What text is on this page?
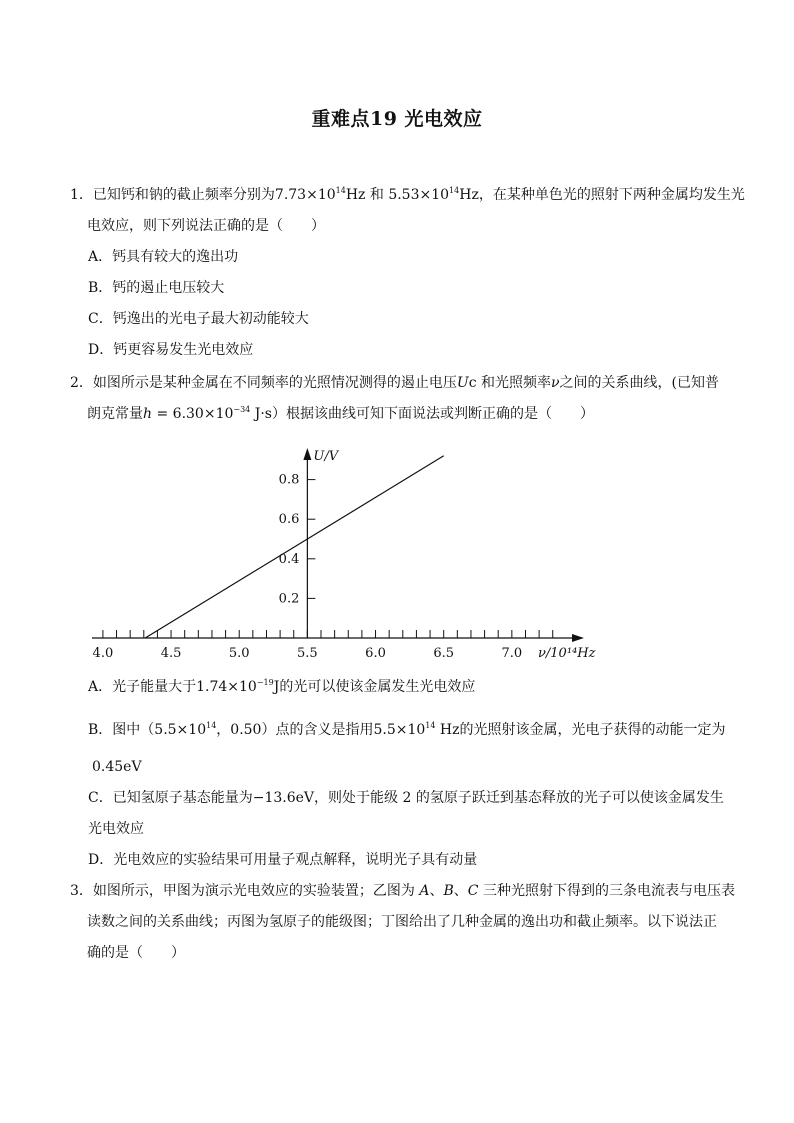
重难点19 光电效应
1．已知钙和钠的截止频率分别为$7.73\times 10^{14}Hz$ 和 $5.53\times 10^{14}Hz$，在某种单色光的照射下两种金属均发生光
电效应，则下列说法正确的是（　　）
A．钙具有较大的逸出功
B．钙的遏止电压较大
C．钙逸出的光电子最大初动能较大
D．钙更容易发生光电效应
2．如图所示是某种金属在不同频率的光照情况测得的遏止电压Uc 和光照频率ν之间的关系曲线，(已知普
朗克常量$h = 6.30\times 10^{-34}$ J·s）根据该曲线可知下面说法或判断正确的是（　　）
4.0	4.5	5.0	5.5	6.0	6.5	7.0
0.2
0.4
0.6
0.8
ν/10¹⁴Hz
U/V
A．光子能量大于$1.74\times 10^{-19}J$的光可以使该金属发生光电效应
B．图中（$5.5\times 10^{14}$，0.50）点的含义是指用$5.5\times 10^{14}$ Hz的光照射该金属，光电子获得的动能一定为
0.45eV
C．已知氢原子基态能量为−13.6eV，则处于能级 2 的氢原子跃迁到基态释放的光子可以使该金属发生
光电效应
D．光电效应的实验结果可用量子观点解释，说明光子具有动量
3．如图所示，甲图为演示光电效应的实验装置；乙图为 A、B、C 三种光照射下得到的三条电流表与电压表
读数之间的关系曲线；丙图为氢原子的能级图；丁图给出了几种金属的逸出功和截止频率。以下说法正
确的是（　　）
